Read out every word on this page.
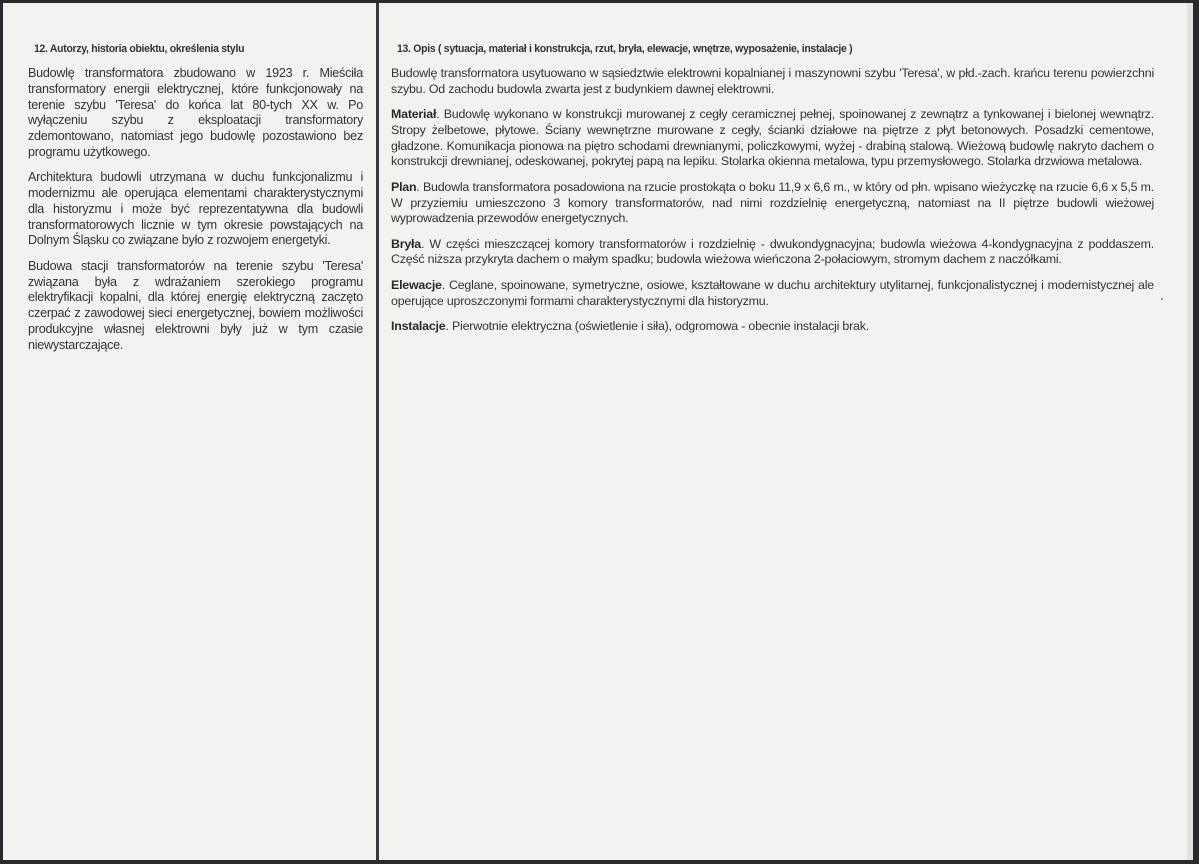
12. Autorzy, historia obiektu, określenia stylu

Budowlę transformatora zbudowano w 1923 r. Mieściła transformatory energii elektrycznej, które funkcjonowały na terenie szybu 'Teresa' do końca lat 80-tych XX w. Po wyłączeniu szybu z eksploatacji transformatory zdemontowano, natomiast jego budowlę pozostawiono bez programu użytkowego.

Architektura budowli utrzymana w duchu funkcjonalizmu i modernizmu ale operująca elementami charakterystycznymi dla historyzmu i może być reprezentatywna dla budowli transformatorowych licznie w tym okresie powstających na Dolnym Śląsku co związane było z rozwojem energetyki.

Budowa stacji transformatorów na terenie szybu 'Teresa' związana była z wdrażaniem szerokiego programu elektryfikacji kopalni, dla której energię elektryczną zaczęto czerpać z zawodowej sieci energetycznej, bowiem możliwości produkcyjne własnej elektrowni były już w tym czasie niewystarczające.

13. Opis ( sytuacja, materiał i konstrukcja, rzut, bryła, elewacje, wnętrze, wyposażenie, instalacje )

Budowlę transformatora usytuowano w sąsiedztwie elektrowni kopalnianej i maszynowni szybu 'Teresa', w płd.-zach. krańcu terenu powierzchni szybu. Od zachodu budowla zwarta jest z budynkiem dawnej elektrowni.

Materiał. Budowlę wykonano w konstrukcji murowanej z cegły ceramicznej pełnej, spoinowanej z zewnątrz a tynkowanej i bielonej wewnątrz. Stropy żelbetowe, płytowe. Ściany wewnętrzne murowane z cegły, ścianki działowe na piętrze z płyt betonowych. Posadzki cementowe, gładzone. Komunikacja pionowa na piętro schodami drewnianymi, policzkowymi, wyżej - drabiną stalową. Wieżową budowlę nakryto dachem o konstrukcji drewnianej, odeskowanej, pokrytej papą na lepiku. Stolarka okienna metalowa, typu przemysłowego. Stolarka drzwiowa metalowa.

Plan. Budowla transformatora posadowiona na rzucie prostokąta o boku 11,9 x 6,6 m., w który od płn. wpisano wieżyczkę na rzucie 6,6 x 5,5 m. W przyziemiu umieszczono 3 komory transformatorów, nad nimi rozdzielnię energetyczną, natomiast na II piętrze budowli wieżowej wyprowadzenia przewodów energetycznych.

Bryła. W części mieszczącej komory transformatorów i rozdzielnię - dwukondygnacyjna; budowla wieżowa 4-kondygnacyjna z poddaszem. Część niższa przykryta dachem o małym spadku; budowla wieżowa wieńczona 2-połaciowym, stromym dachem z naczółkami.

Elewacje. Ceglane, spoinowane, symetryczne, osiowe, kształtowane w duchu architektury utylitarnej, funkcjonalistycznej i modernistycznej ale operujące uproszczonymi formami charakterystycznymi dla historyzmu.

Instalacje. Pierwotnie elektryczna (oświetlenie i siła), odgromowa - obecnie instalacji brak.
